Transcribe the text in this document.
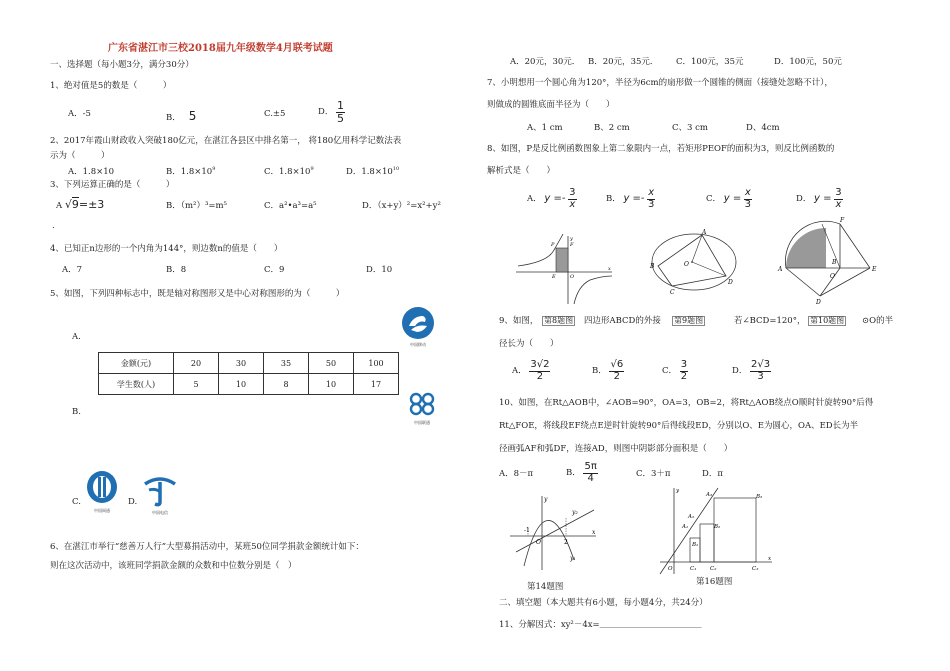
广东省湛江市三校2018届九年级数学4月联考试题
一、选择题（每小题3分，满分30分）
1、绝对值是5的数是（　　　）
A．-5	B． 5	C.±5	D． $\frac{1}{5}$
2、2017年霞山财政收入突破180亿元，在湛江各县区中排名第一， 将180亿用科学记数法表
示为（　　　）
A．1.8×10	B．$1.8\times 10^9$	C．$1.8\times 10^9$	D．$1.8\times 10^{10}$
3、下列运算正确的是（　　　）
A √9=±3	B．（m²）³=m⁵	C．a²•a³=a⁵	D．（x+y）²=x²+y²
.
4、已知正n边形的一个内角为144°，则边数n的值是（　　）
A．7	B．8	C．9	D．10
5、如图，下列四种标志中，既是轴对称图形又是中心对称图形的为（　　　）
A.
B.
C.	D.
中国移动
中国联通
中国网通	中国电信
金额(元)	20	30	35	50	100
学生数(人)	5	10	8	10	17
6、在湛江市举行“慈善万人行”大型募捐活动中，某班50位同学捐款金额统计如下：
则在这次活动中，该班同学捐款金额的众数和中位数分别是（　）
A．20元，30元． B．20元，35元． C．100元，35元	D．100元，50元
7、小明想用一个圆心角为120°，半径为6cm的扇形做一个圆锥的侧面（接缝处忽略不计），
则做成的圆锥底面半径为（　　）
A、1 cm	B、2 cm	C、3 cm	D、4cm
8、如图，P是反比例函数图象上第二象限内一点，若矩形PEOF的面积为3，则反比例函数的
解析式是（　　）
A． $y =- \frac{3}{x}$	B． $y =- \frac{x}{3}$	C． $y = \frac{x}{3}$	D． $y = \frac{3}{x}$
P	F
E	O
x
y
A
B
C
D
O
F
A
B
E
D
O
9、如图， 第8题图 四边形ABCD的外接 第9题图	若∠BCD=120°， 第10题图 ⊙O的半
径长为（　　）
A． $\frac{3√2}{2}$	B． $\frac{√6}{2}$	C． $\frac{3}{2}$	D． $\frac{2√3}{3}$
10、如图，在Rt△AOB中，∠AOB=90°，OA=3，OB=2，将Rt△AOB绕点O顺时针旋转90°后得
Rt△FOE，将线段EF绕点E逆时针旋转90°后得线段ED，分别以O、E为圆心，OA、ED长为半
径画弧AF和弧DF，连接AD，则图中阴影部分面积是（　　）
A．8－π	B． $\frac{5\pi}{4}$	C．3＋π	D．π
y
x
-1
O	2
y₁
y₂
第14题图
A₁
A₂
A₃
B₁
B₂
B₃
C₁ C₂	C₃
O
x
y
第16题图
二、填空题（本大题共有6小题，每小题4分，共24分）
11、分解因式：xy²－4x=＿＿＿＿＿＿＿＿＿＿＿＿
